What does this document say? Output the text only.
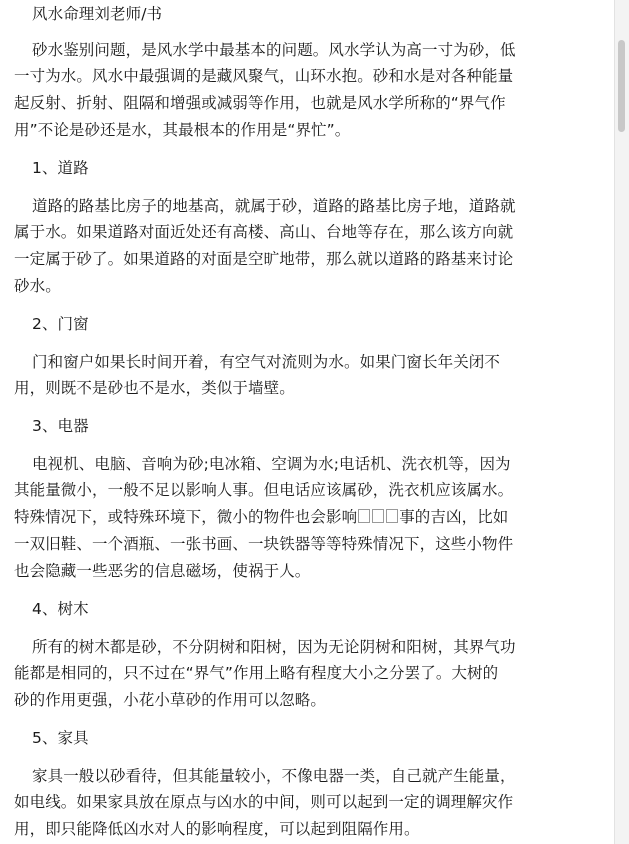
风水命理刘老师/书
砂水鉴别问题，是风水学中最基本的问题。风水学认为高一寸为砂，低
一寸为水。风水中最强调的是藏风聚气，山环水抱。砂和水是对各种能量
起反射、折射、阻隔和增强或减弱等作用，也就是风水学所称的“界气作
用”不论是砂还是水，其最根本的作用是“界忙”。
1、道路
道路的路基比房子的地基高，就属于砂，道路的路基比房子地，道路就
属于水。如果道路对面近处还有高楼、高山、台地等存在，那么该方向就
一定属于砂了。如果道路的对面是空旷地带，那么就以道路的路基来讨论
砂水。
2、门窗
门和窗户如果长时间开着，有空气对流则为水。如果门窗长年关闭不
用，则既不是砂也不是水，类似于墙壁。
3、电器
电视机、电脑、音响为砂;电冰箱、空调为水;电话机、洗衣机等，因为
其能量微小，一般不足以影响人事。但电话应该属砂，洗衣机应该属水。
特殊情况下，或特殊环境下，微小的物件也会影响	事的吉凶，比如
一双旧鞋、一个酒瓶、一张书画、一块铁器等等特殊情况下，这些小物件
也会隐藏一些恶劣的信息磁场，使祸于人。
4、树木
所有的树木都是砂，不分阴树和阳树，因为无论阴树和阳树，其界气功
能都是相同的，只不过在“界气”作用上略有程度大小之分罢了。大树的
砂的作用更强，小花小草砂的作用可以忽略。
5、家具
家具一般以砂看待，但其能量较小，不像电器一类，自己就产生能量，
如电线。如果家具放在原点与凶水的中间，则可以起到一定的调理解灾作
用，即只能降低凶水对人的影响程度，可以起到阻隔作用。
